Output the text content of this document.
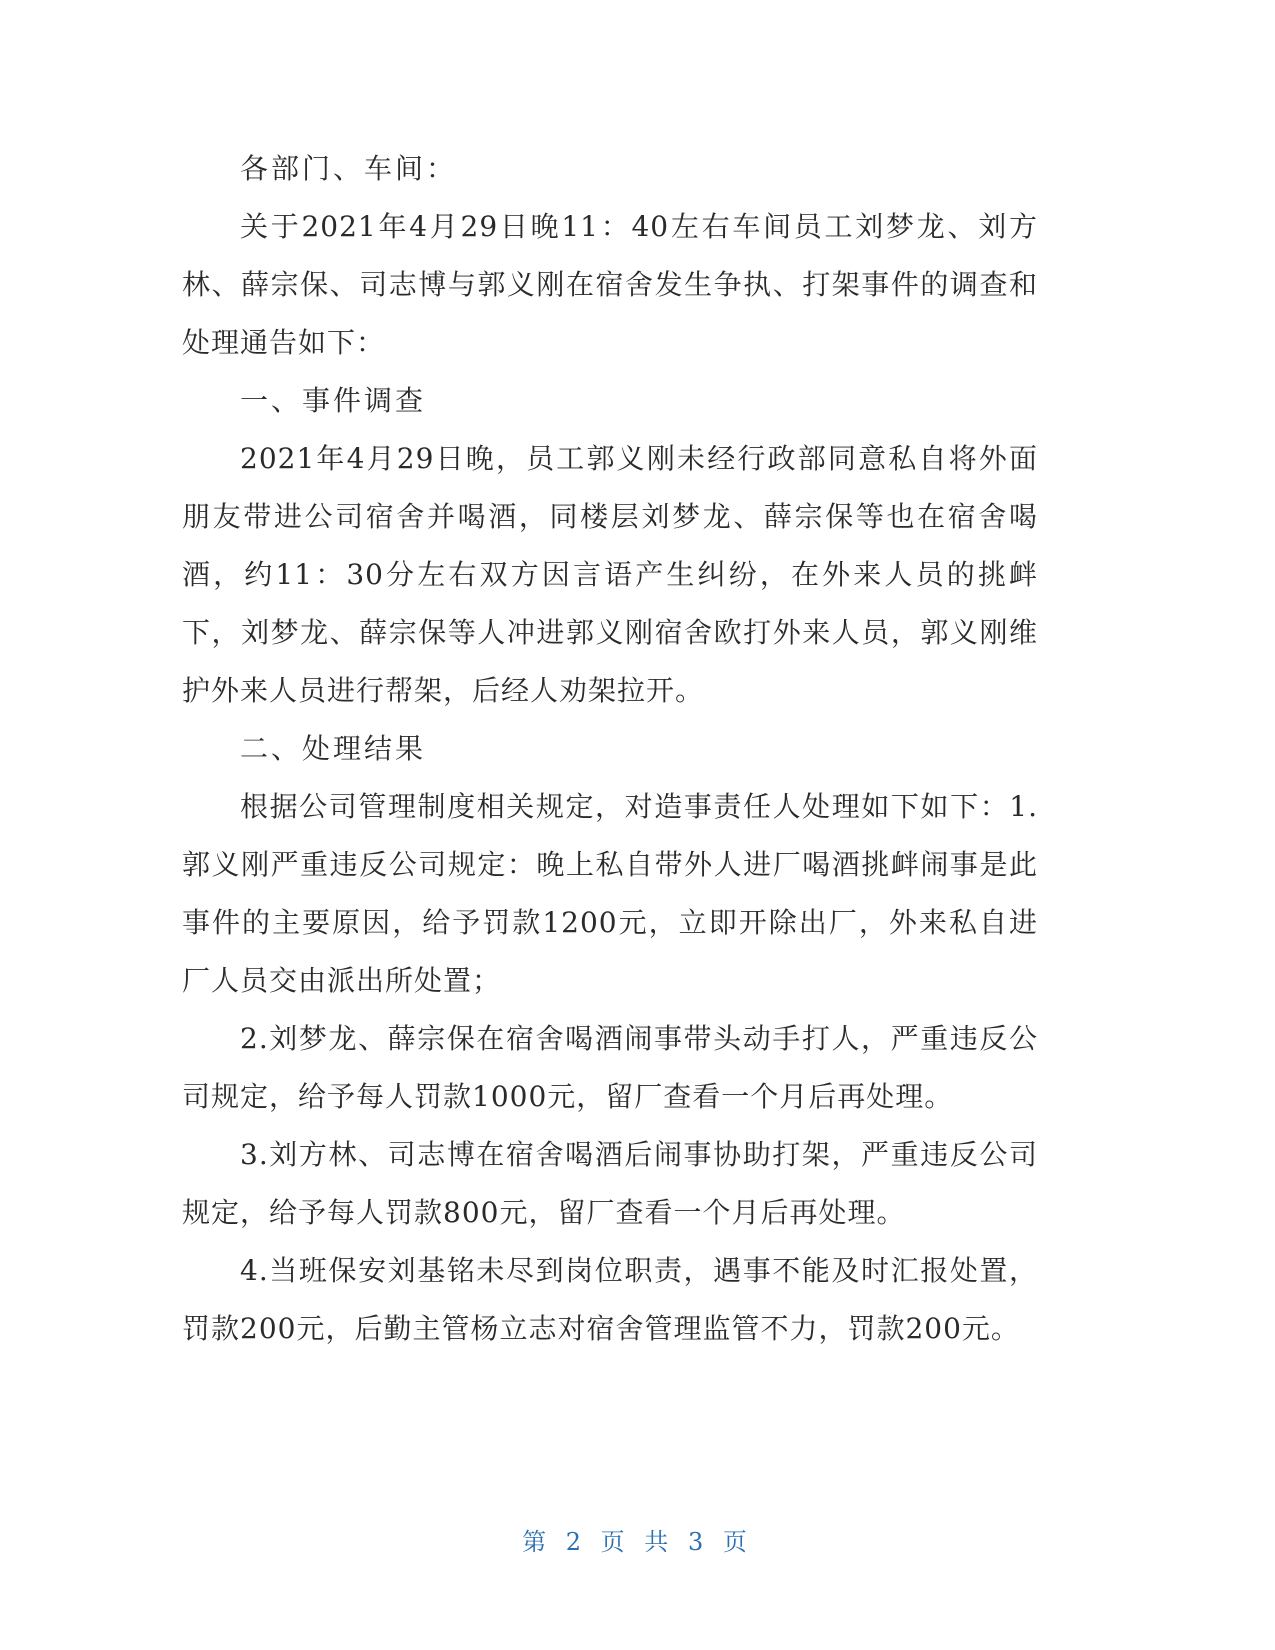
各部门、车间：

关于2021年4月29日晚11：40左右车间员工刘梦龙、刘方林、薛宗保、司志博与郭义刚在宿舍发生争执、打架事件的调查和处理通告如下：

一、事件调查

2021年4月29日晚，员工郭义刚未经行政部同意私自将外面朋友带进公司宿舍并喝酒，同楼层刘梦龙、薛宗保等也在宿舍喝酒，约11：30分左右双方因言语产生纠纷，在外来人员的挑衅下，刘梦龙、薛宗保等人冲进郭义刚宿舍欧打外来人员，郭义刚维护外来人员进行帮架，后经人劝架拉开。

二、处理结果

根据公司管理制度相关规定，对造事责任人处理如下如下：1.郭义刚严重违反公司规定：晚上私自带外人进厂喝酒挑衅闹事是此事件的主要原因，给予罚款1200元，立即开除出厂，外来私自进厂人员交由派出所处置；

2.刘梦龙、薛宗保在宿舍喝酒闹事带头动手打人，严重违反公司规定，给予每人罚款1000元，留厂查看一个月后再处理。

3.刘方林、司志博在宿舍喝酒后闹事协助打架，严重违反公司规定，给予每人罚款800元，留厂查看一个月后再处理。

4.当班保安刘基铭未尽到岗位职责，遇事不能及时汇报处置，罚款200元，后勤主管杨立志对宿舍管理监管不力，罚款200元。

第 2 页 共 3 页
